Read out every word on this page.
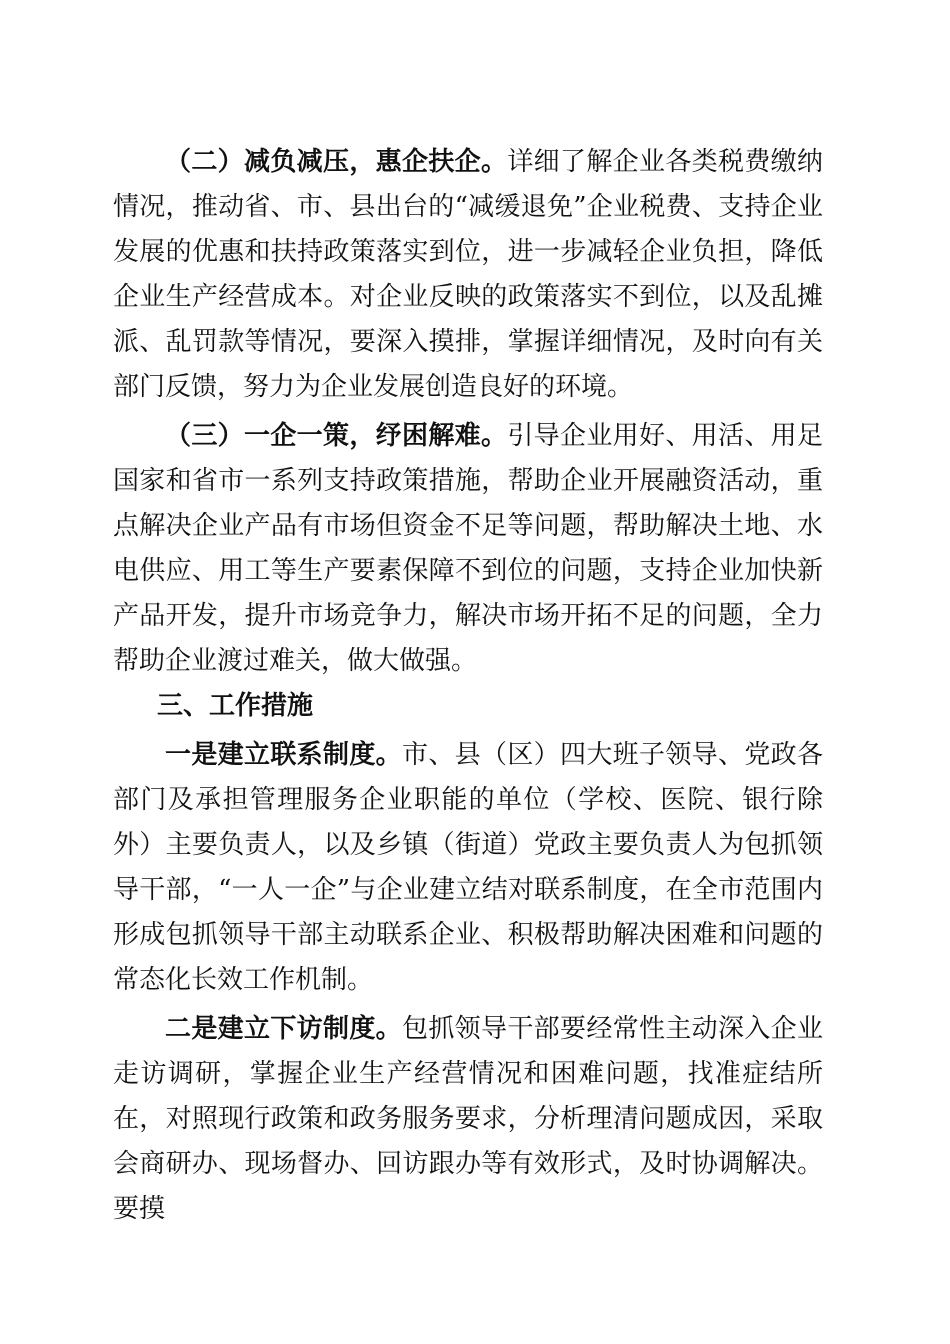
（二）减负减压，惠企扶企。详细了解企业各类税费缴纳情况，推动省、市、县出台的“减缓退免”企业税费、支持企业发展的优惠和扶持政策落实到位，进一步减轻企业负担，降低企业生产经营成本。对企业反映的政策落实不到位，以及乱摊派、乱罚款等情况，要深入摸排，掌握详细情况，及时向有关部门反馈，努力为企业发展创造良好的环境。

（三）一企一策，纾困解难。引导企业用好、用活、用足国家和省市一系列支持政策措施，帮助企业开展融资活动，重点解决企业产品有市场但资金不足等问题，帮助解决土地、水电供应、用工等生产要素保障不到位的问题，支持企业加快新产品开发，提升市场竞争力，解决市场开拓不足的问题，全力帮助企业渡过难关，做大做强。

三、工作措施

一是建立联系制度。市、县（区）四大班子领导、党政各部门及承担管理服务企业职能的单位（学校、医院、银行除外）主要负责人，以及乡镇（街道）党政主要负责人为包抓领导干部，“一人一企”与企业建立结对联系制度，在全市范围内形成包抓领导干部主动联系企业、积极帮助解决困难和问题的常态化长效工作机制。

二是建立下访制度。包抓领导干部要经常性主动深入企业走访调研，掌握企业生产经营情况和困难问题，找准症结所在，对照现行政策和政务服务要求，分析理清问题成因，采取会商研办、现场督办、回访跟办等有效形式，及时协调解决。要摸
